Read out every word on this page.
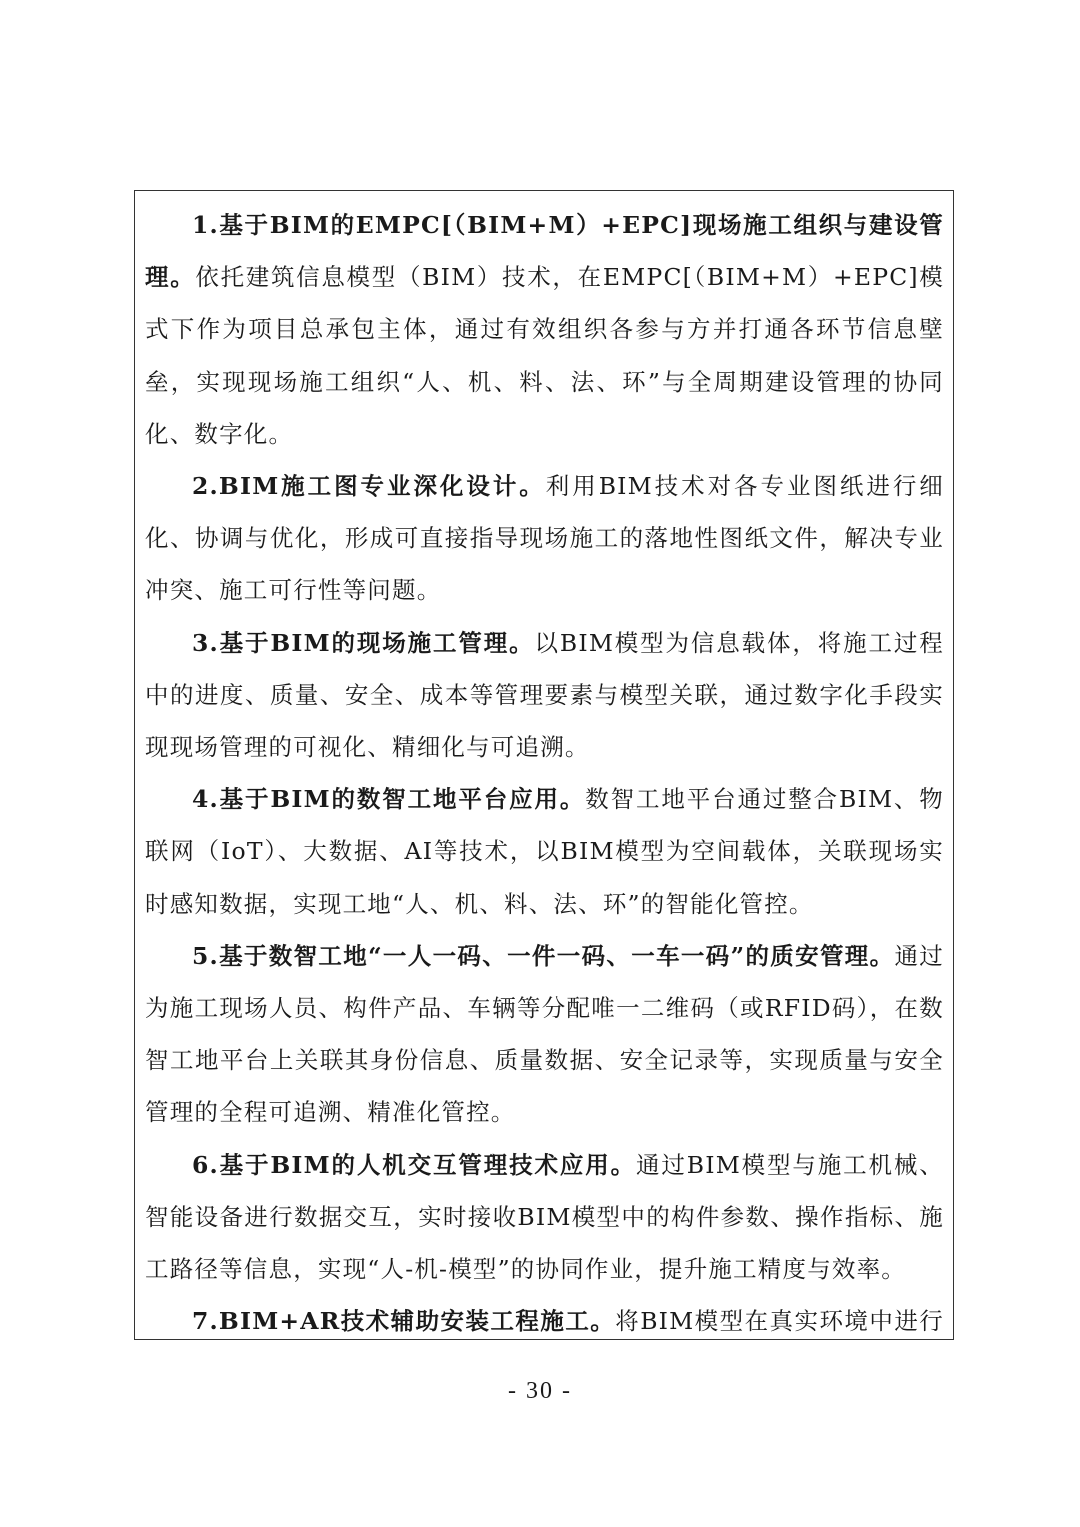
1.基于BIM的EMPC[（BIM+M）+EPC]现场施工组织与建设管理。依托建筑信息模型（BIM）技术，在EMPC[（BIM+M）+EPC]模式下作为项目总承包主体，通过有效组织各参与方并打通各环节信息壁垒，实现现场施工组织“人、机、料、法、环”与全周期建设管理的协同化、数字化。

2.BIM施工图专业深化设计。利用BIM技术对各专业图纸进行细化、协调与优化，形成可直接指导现场施工的落地性图纸文件，解决专业冲突、施工可行性等问题。

3.基于BIM的现场施工管理。以BIM模型为信息载体，将施工过程中的进度、质量、安全、成本等管理要素与模型关联，通过数字化手段实现现场管理的可视化、精细化与可追溯。

4.基于BIM的数智工地平台应用。数智工地平台通过整合BIM、物联网（IoT）、大数据、AI等技术，以BIM模型为空间载体，关联现场实时感知数据，实现工地“人、机、料、法、环”的智能化管控。

5.基于数智工地“一人一码、一件一码、一车一码”的质安管理。通过为施工现场人员、构件产品、车辆等分配唯一二维码（或RFID码），在数智工地平台上关联其身份信息、质量数据、安全记录等，实现质量与安全管理的全程可追溯、精准化管控。

6.基于BIM的人机交互管理技术应用。通过BIM模型与施工机械、智能设备进行数据交互，实时接收BIM模型中的构件参数、操作指标、施工路径等信息，实现“人-机-模型”的协同作业，提升施工精度与效率。

7.BIM+AR技术辅助安装工程施工。将BIM模型在真实环境中进行

- 30 -
